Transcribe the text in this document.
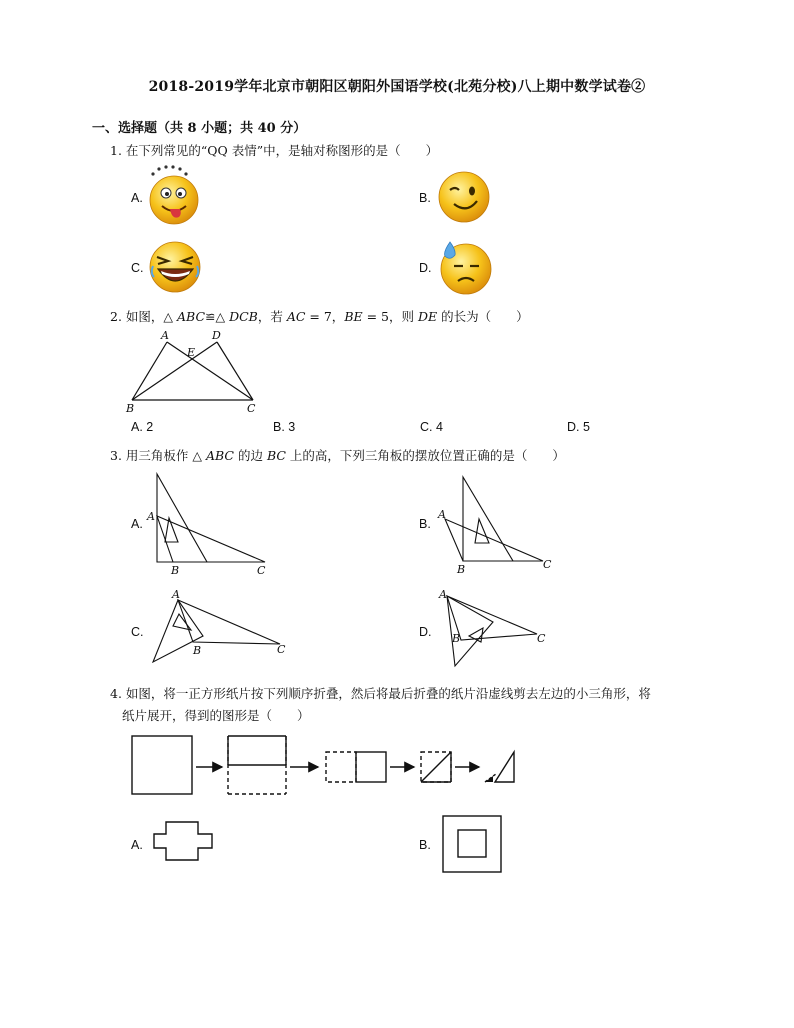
2018-2019学年北京市朝阳区朝阳外国语学校(北苑分校)八上期中数学试卷②
一、选择题（共 8 小题；共 40 分）
1. 在下列常见的“QQ 表情”中，是轴对称图形的是（　　）
A.	B.
C.	D.
2. 如图，△ ABC≌△ DCB，若 AC = 7，BE = 5，则 DE 的长为（　　）
A	D
E
B	C
A. 2	B. 3	C. 4	D. 5
3. 用三角板作 △ ABC 的边 BC 上的高，下列三角板的摆放位置正确的是（　　）
A.
A
B	C
B.
A
B	C
C.
A
B	C
D.
A
B	C
4. 如图，将一正方形纸片按下列顺序折叠，然后将最后折叠的纸片沿虚线剪去左边的小三角形，将
纸片展开，得到的图形是（　　）
A.	B.
